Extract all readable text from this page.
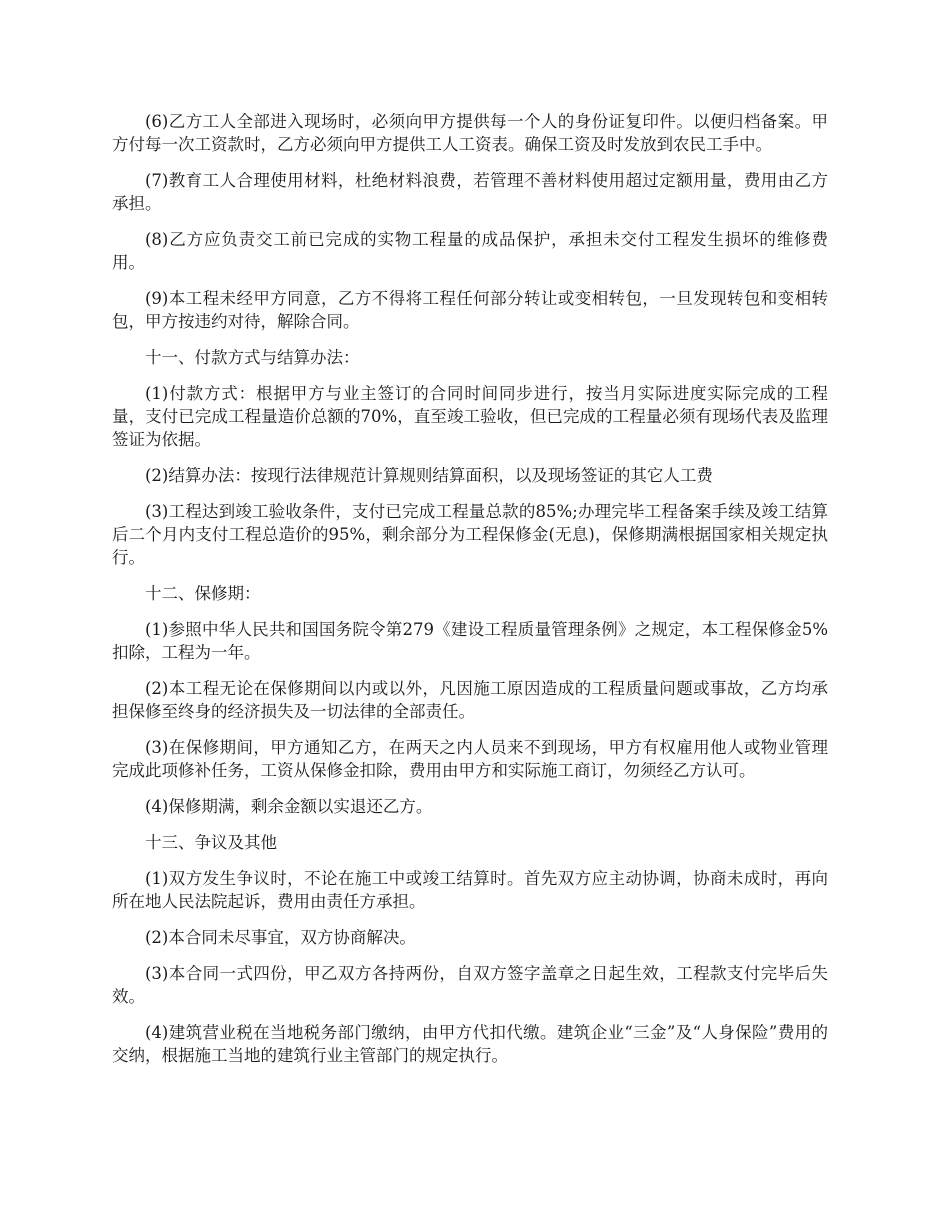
(6)乙方工人全部进入现场时，必须向甲方提供每一个人的身份证复印件。以便归档备案。甲方付每一次工资款时，乙方必须向甲方提供工人工资表。确保工资及时发放到农民工手中。

(7)教育工人合理使用材料，杜绝材料浪费，若管理不善材料使用超过定额用量，费用由乙方承担。

(8)乙方应负责交工前已完成的实物工程量的成品保护，承担未交付工程发生损坏的维修费用。

(9)本工程未经甲方同意，乙方不得将工程任何部分转让或变相转包，一旦发现转包和变相转包，甲方按违约对待，解除合同。

十一、付款方式与结算办法：

(1)付款方式：根据甲方与业主签订的合同时间同步进行，按当月实际进度实际完成的工程量，支付已完成工程量造价总额的70%，直至竣工验收，但已完成的工程量必须有现场代表及监理签证为依据。

(2)结算办法：按现行法律规范计算规则结算面积，以及现场签证的其它人工费

(3)工程达到竣工验收条件，支付已完成工程量总款的85%;办理完毕工程备案手续及竣工结算后二个月内支付工程总造价的95%，剩余部分为工程保修金(无息)，保修期满根据国家相关规定执行。

十二、保修期：

(1)参照中华人民共和国国务院令第279《建设工程质量管理条例》之规定，本工程保修金5%扣除，工程为一年。

(2)本工程无论在保修期间以内或以外，凡因施工原因造成的工程质量问题或事故，乙方均承担保修至终身的经济损失及一切法律的全部责任。

(3)在保修期间，甲方通知乙方，在两天之内人员来不到现场，甲方有权雇用他人或物业管理完成此项修补任务，工资从保修金扣除，费用由甲方和实际施工商订，勿须经乙方认可。

(4)保修期满，剩余金额以实退还乙方。

十三、争议及其他

(1)双方发生争议时，不论在施工中或竣工结算时。首先双方应主动协调，协商未成时，再向所在地人民法院起诉，费用由责任方承担。

(2)本合同未尽事宜，双方协商解决。

(3)本合同一式四份，甲乙双方各持两份，自双方签字盖章之日起生效，工程款支付完毕后失效。

(4)建筑营业税在当地税务部门缴纳，由甲方代扣代缴。建筑企业“三金”及“人身保险”费用的交纳，根据施工当地的建筑行业主管部门的规定执行。
